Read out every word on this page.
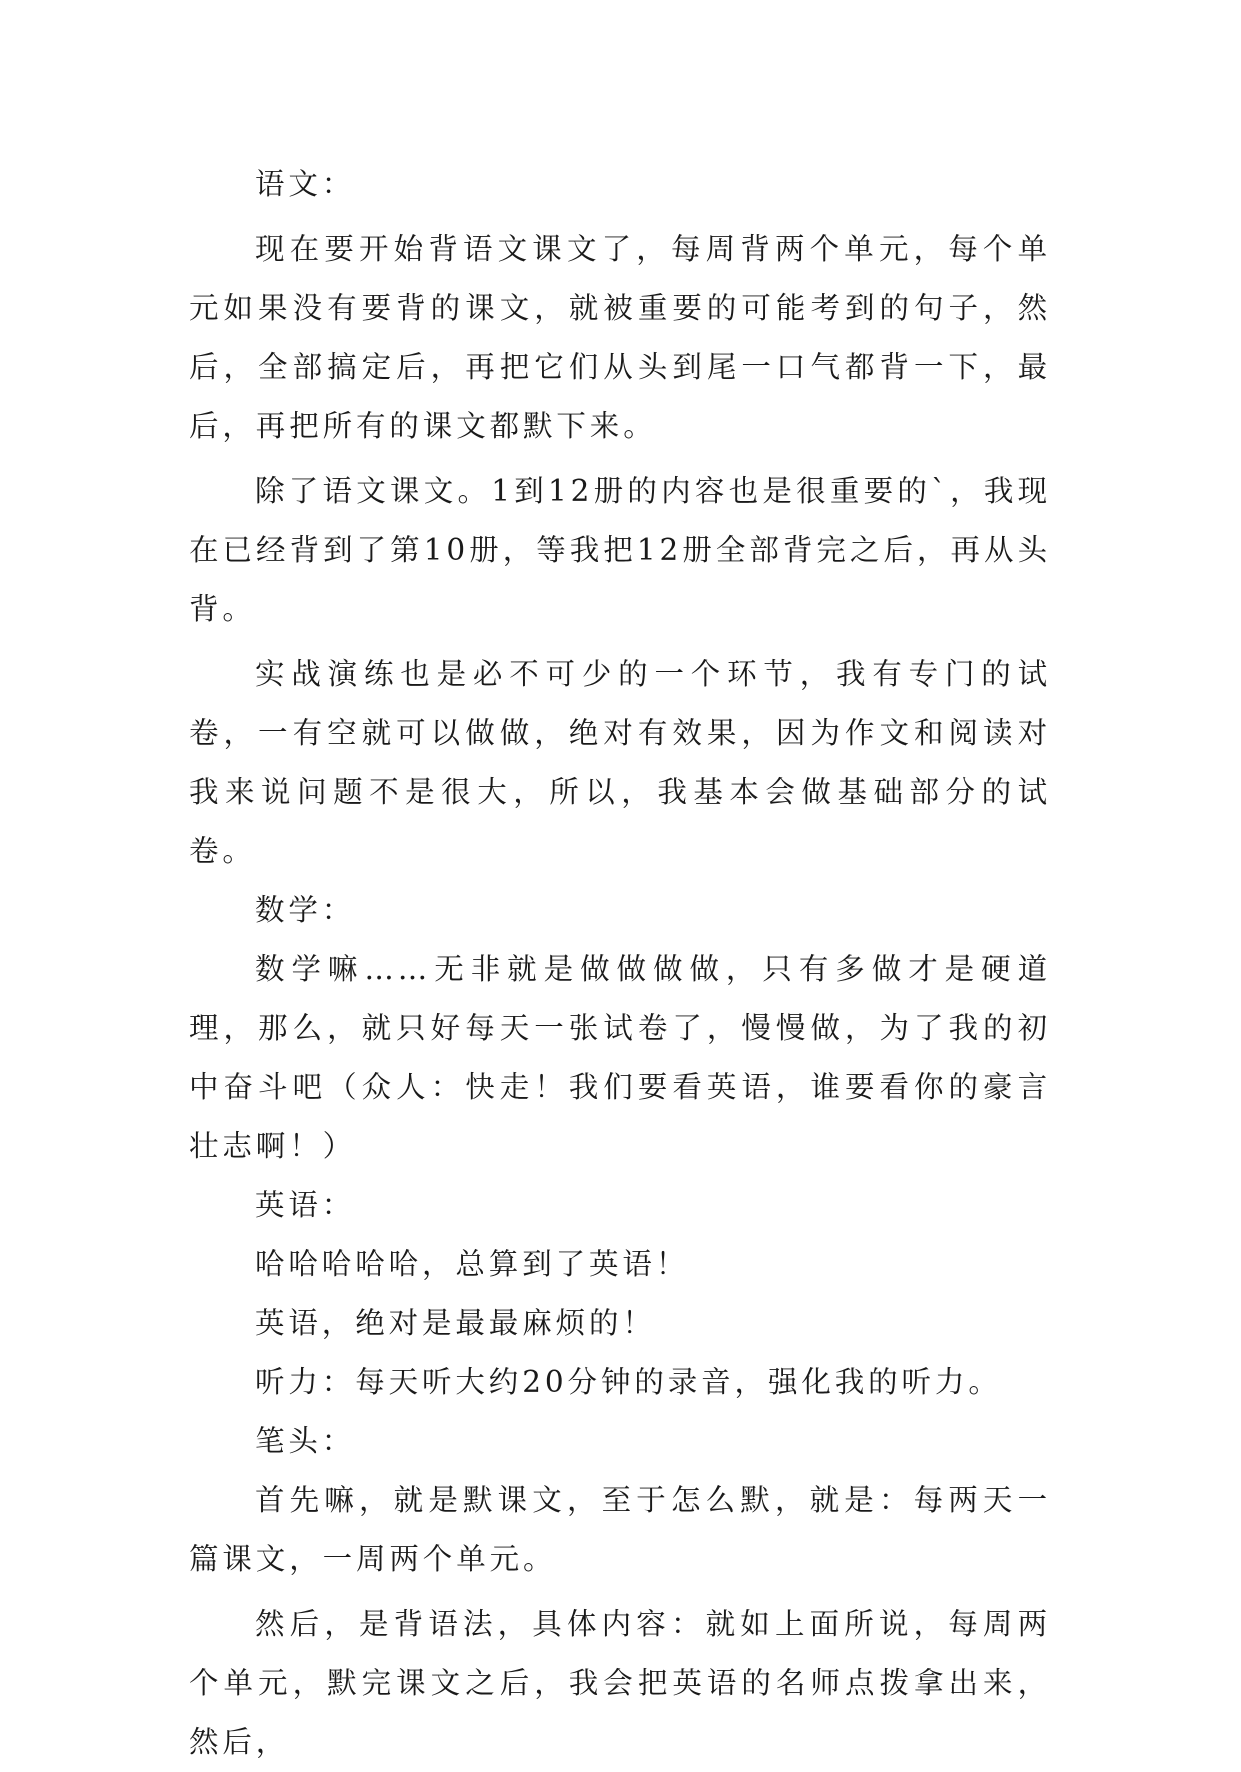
语文：

现在要开始背语文课文了，每周背两个单元，每个单元如果没有要背的课文，就被重要的可能考到的句子，然后，全部搞定后，再把它们从头到尾一口气都背一下，最后，再把所有的课文都默下来。

除了语文课文。1到12册的内容也是很重要的`，我现在已经背到了第10册，等我把12册全部背完之后，再从头背。

实战演练也是必不可少的一个环节，我有专门的试卷，一有空就可以做做，绝对有效果，因为作文和阅读对我来说问题不是很大，所以，我基本会做基础部分的试卷。

数学：

数学嘛……无非就是做做做做，只有多做才是硬道理，那么，就只好每天一张试卷了，慢慢做，为了我的初中奋斗吧（众人：快走！我们要看英语，谁要看你的豪言壮志啊！）

英语：

哈哈哈哈哈，总算到了英语！

英语，绝对是最最麻烦的！

听力：每天听大约20分钟的录音，强化我的听力。

笔头：

首先嘛，就是默课文，至于怎么默，就是：每两天一篇课文，一周两个单元。

然后，是背语法，具体内容：就如上面所说，每周两个单元，默完课文之后，我会把英语的名师点拨拿出来，然后，
